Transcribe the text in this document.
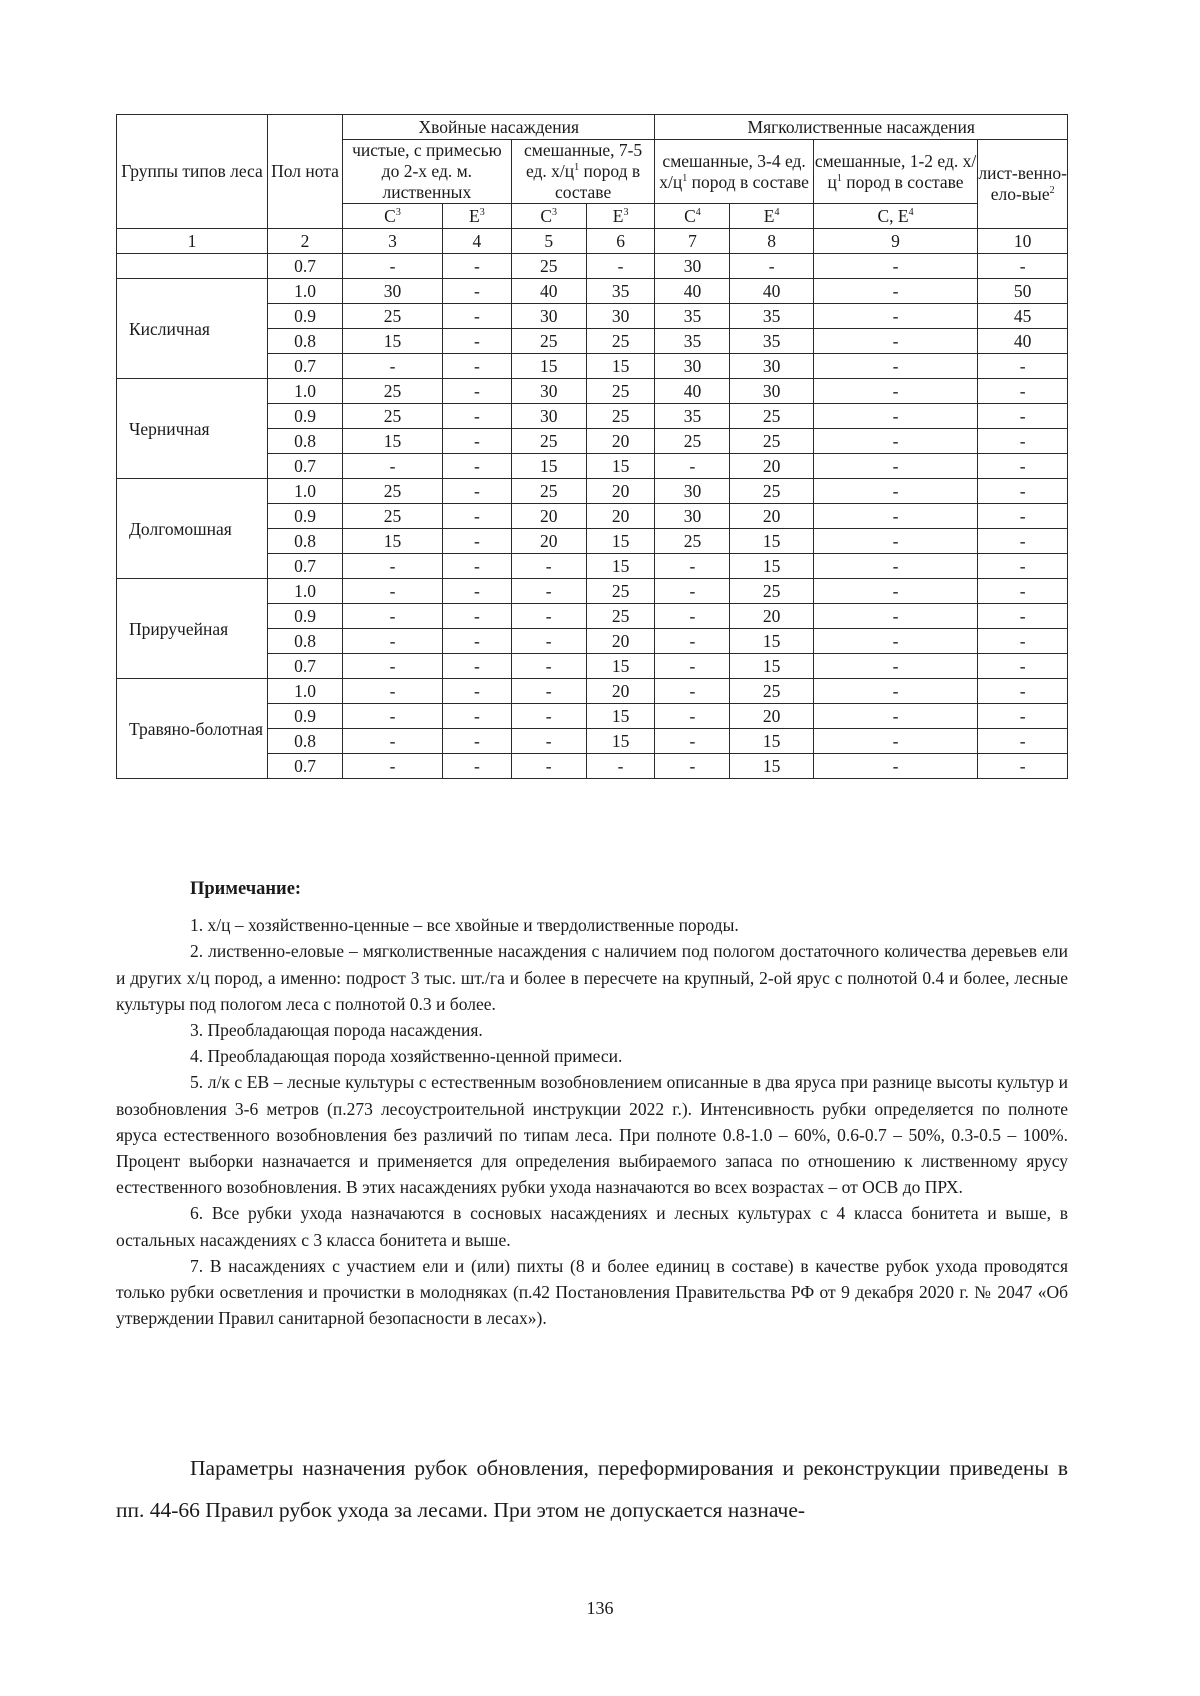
Группы типов леса	Пол нота	Хвойные насаждения				Мягколиственные насаждения			
		чистые, с примесью до 2-х ед. м. лиственных		смешанные, 7-5 ед. $х/ц^1$ пород в составе		смешанные, 3-4 ед. $х/ц^1$ пород в составе		смешанные, 1-2 ед. $х/ц^1$ пород в составе	лист-венно-ело-вые$^2$
		$С^3$	$Е^3$	$С^3$	$Е^3$	$С^4$	$Е^4$	С, $Е^4$
1	2	3	4	5	6	7	8	9	10
	0.7	-	-	25	-	30	-	-	-
Кисличная	1.0	30	-	40	35	40	40	-	50
	0.9	25	-	30	30	35	35	-	45
	0.8	15	-	25	25	35	35	-	40
	0.7	-	-	15	15	30	30	-	-
Черничная	1.0	25	-	30	25	40	30	-	-
	0.9	25	-	30	25	35	25	-	-
	0.8	15	-	25	20	25	25	-	-
	0.7	-	-	15	15	-	20	-	-
Долгомошная	1.0	25	-	25	20	30	25	-	-
	0.9	25	-	20	20	30	20	-	-
	0.8	15	-	20	15	25	15	-	-
	0.7	-	-	-	15	-	15	-	-
Приручейная	1.0	-	-	-	25	-	25	-	-
	0.9	-	-	-	25	-	20	-	-
	0.8	-	-	-	20	-	15	-	-
	0.7	-	-	-	15	-	15	-	-
Травяно-болотная	1.0	-	-	-	20	-	25	-	-
	0.9	-	-	-	15	-	20	-	-
	0.8	-	-	-	15	-	15	-	-
	0.7	-	-	-	-	-	15	-	-
Примечание:

1. х/ц – хозяйственно-ценные – все хвойные и твердолиственные породы.

2. лиственно-еловые – мягколиственные насаждения с наличием под пологом достаточного количества деревьев ели и других х/ц пород, а именно: подрост 3 тыс. шт./га и более в пересчете на крупный, 2-ой ярус с полнотой 0.4 и более, лесные культуры под пологом леса с полнотой 0.3 и более.

3. Преобладающая порода насаждения.

4. Преобладающая порода хозяйственно-ценной примеси.

5. л/к с ЕВ – лесные культуры с естественным возобновлением описанные в два яруса при разнице высоты культур и возобновления 3-6 метров (п.273 лесоустроительной инструкции 2022 г.). Интенсивность рубки определяется по полноте яруса естественного возобновления без различий по типам леса. При полноте 0.8-1.0 – 60%, 0.6-0.7 – 50%, 0.3-0.5 – 100%. Процент выборки назначается и применяется для определения выбираемого запаса по отношению к лиственному ярусу естественного возобновления. В этих насаждениях рубки ухода назначаются во всех возрастах – от ОСВ до ПРХ.

6. Все рубки ухода назначаются в сосновых насаждениях и лесных культурах с 4 класса бонитета и выше, в остальных насаждениях с 3 класса бонитета и выше.

7. В насаждениях с участием ели и (или) пихты (8 и более единиц в составе) в качестве рубок ухода проводятся только рубки осветления и прочистки в молодняках (п.42 Постановления Правительства РФ от 9 декабря 2020 г. № 2047 «Об утверждении Правил санитарной безопасности в лесах»).

Параметры назначения рубок обновления, переформирования и реконструкции приведены в пп. 44-66 Правил рубок ухода за лесами. При этом не допускается назначе-

136
